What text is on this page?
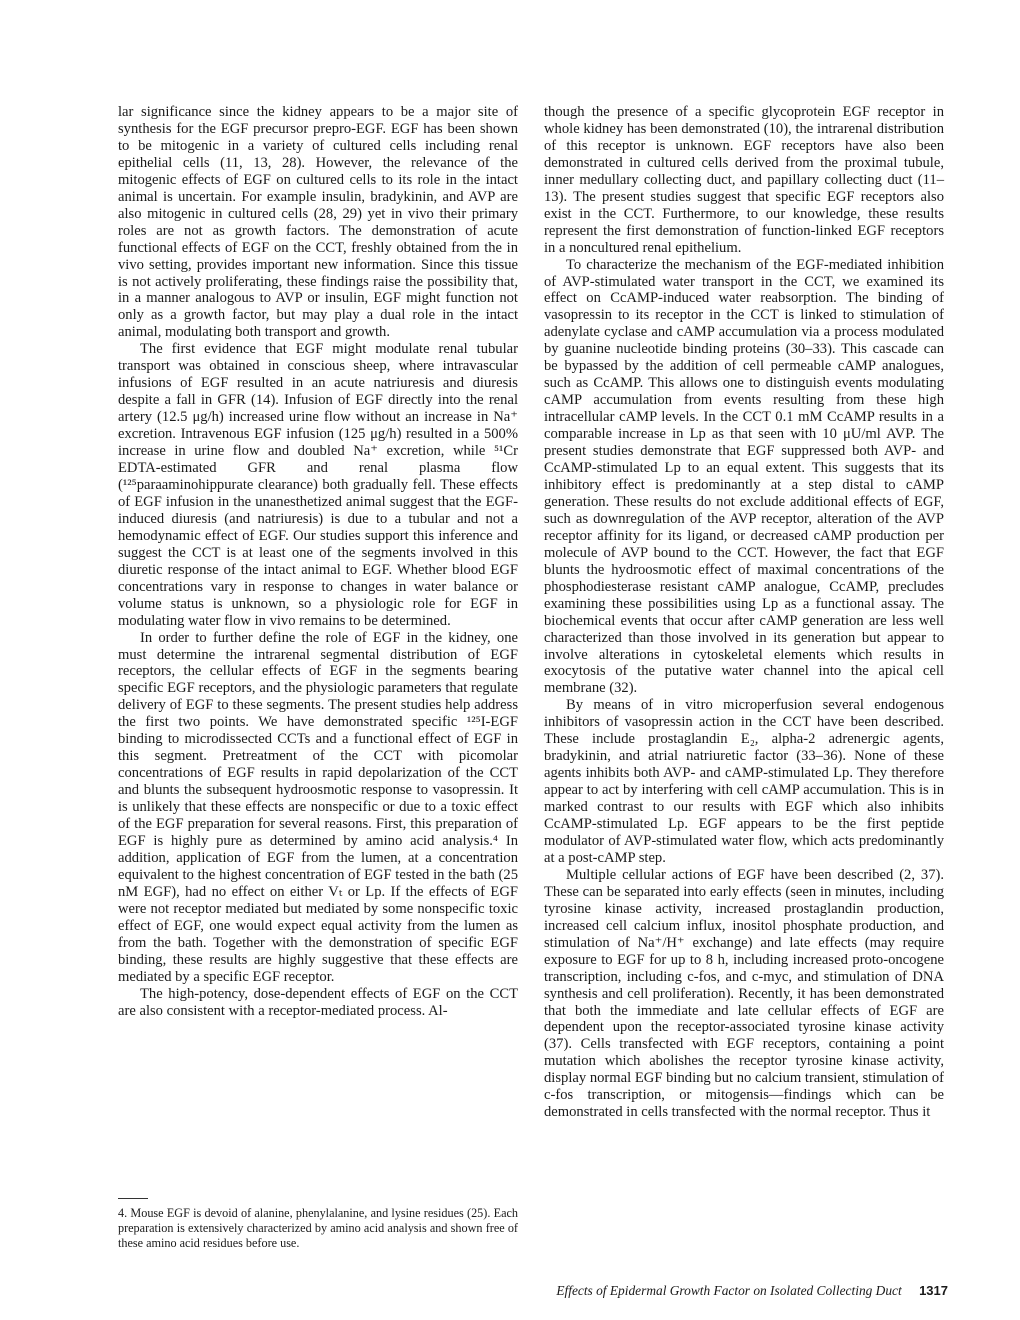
lar significance since the kidney appears to be a major site of synthesis for the EGF precursor prepro-EGF. EGF has been shown to be mitogenic in a variety of cultured cells including renal epithelial cells (11, 13, 28). However, the relevance of the mitogenic effects of EGF on cultured cells to its role in the intact animal is uncertain. For example insulin, bradykinin, and AVP are also mitogenic in cultured cells (28, 29) yet in vivo their primary roles are not as growth factors. The demonstration of acute functional effects of EGF on the CCT, freshly obtained from the in vivo setting, provides important new information. Since this tissue is not actively proliferating, these findings raise the possibility that, in a manner analogous to AVP or insulin, EGF might function not only as a growth factor, but may play a dual role in the intact animal, modulating both transport and growth.

The first evidence that EGF might modulate renal tubular transport was obtained in conscious sheep, where intravascular infusions of EGF resulted in an acute natriuresis and diuresis despite a fall in GFR (14). Infusion of EGF directly into the renal artery (12.5 μg/h) increased urine flow without an increase in Na⁺ excretion. Intravenous EGF infusion (125 μg/h) resulted in a 500% increase in urine flow and doubled Na⁺ excretion, while ⁵¹Cr EDTA-estimated GFR and renal plasma flow (¹²⁵paraaminohippurate clearance) both gradually fell. These effects of EGF infusion in the unanesthetized animal suggest that the EGF-induced diuresis (and natriuresis) is due to a tubular and not a hemodynamic effect of EGF. Our studies support this inference and suggest the CCT is at least one of the segments involved in this diuretic response of the intact animal to EGF. Whether blood EGF concentrations vary in response to changes in water balance or volume status is unknown, so a physiologic role for EGF in modulating water flow in vivo remains to be determined.

In order to further define the role of EGF in the kidney, one must determine the intrarenal segmental distribution of EGF receptors, the cellular effects of EGF in the segments bearing specific EGF receptors, and the physiologic parameters that regulate delivery of EGF to these segments. The present studies help address the first two points. We have demonstrated specific ¹²⁵I-EGF binding to microdissected CCTs and a functional effect of EGF in this segment. Pretreatment of the CCT with picomolar concentrations of EGF results in rapid depolarization of the CCT and blunts the subsequent hydroosmotic response to vasopressin. It is unlikely that these effects are nonspecific or due to a toxic effect of the EGF preparation for several reasons. First, this preparation of EGF is highly pure as determined by amino acid analysis.⁴ In addition, application of EGF from the lumen, at a concentration equivalent to the highest concentration of EGF tested in the bath (25 nM EGF), had no effect on either Vₜ or Lp. If the effects of EGF were not receptor mediated but mediated by some nonspecific toxic effect of EGF, one would expect equal activity from the lumen as from the bath. Together with the demonstration of specific EGF binding, these results are highly suggestive that these effects are mediated by a specific EGF receptor.

The high-potency, dose-dependent effects of EGF on the CCT are also consistent with a receptor-mediated process. Al-

4. Mouse EGF is devoid of alanine, phenylalanine, and lysine residues (25). Each preparation is extensively characterized by amino acid analysis and shown free of these amino acid residues before use.

though the presence of a specific glycoprotein EGF receptor in whole kidney has been demonstrated (10), the intrarenal distribution of this receptor is unknown. EGF receptors have also been demonstrated in cultured cells derived from the proximal tubule, inner medullary collecting duct, and papillary collecting duct (11–13). The present studies suggest that specific EGF receptors also exist in the CCT. Furthermore, to our knowledge, these results represent the first demonstration of function-linked EGF receptors in a noncultured renal epithelium.

To characterize the mechanism of the EGF-mediated inhibition of AVP-stimulated water transport in the CCT, we examined its effect on CcAMP-induced water reabsorption. The binding of vasopressin to its receptor in the CCT is linked to stimulation of adenylate cyclase and cAMP accumulation via a process modulated by guanine nucleotide binding proteins (30–33). This cascade can be bypassed by the addition of cell permeable cAMP analogues, such as CcAMP. This allows one to distinguish events modulating cAMP accumulation from events resulting from these high intracellular cAMP levels. In the CCT 0.1 mM CcAMP results in a comparable increase in Lp as that seen with 10 μU/ml AVP. The present studies demonstrate that EGF suppressed both AVP- and CcAMP-stimulated Lp to an equal extent. This suggests that its inhibitory effect is predominantly at a step distal to cAMP generation. These results do not exclude additional effects of EGF, such as downregulation of the AVP receptor, alteration of the AVP receptor affinity for its ligand, or decreased cAMP production per molecule of AVP bound to the CCT. However, the fact that EGF blunts the hydroosmotic effect of maximal concentrations of the phosphodiesterase resistant cAMP analogue, CcAMP, precludes examining these possibilities using Lp as a functional assay. The biochemical events that occur after cAMP generation are less well characterized than those involved in its generation but appear to involve alterations in cytoskeletal elements which results in exocytosis of the putative water channel into the apical cell membrane (32).

By means of in vitro microperfusion several endogenous inhibitors of vasopressin action in the CCT have been described. These include prostaglandin E₂, alpha-2 adrenergic agents, bradykinin, and atrial natriuretic factor (33–36). None of these agents inhibits both AVP- and cAMP-stimulated Lp. They therefore appear to act by interfering with cell cAMP accumulation. This is in marked contrast to our results with EGF which also inhibits CcAMP-stimulated Lp. EGF appears to be the first peptide modulator of AVP-stimulated water flow, which acts predominantly at a post-cAMP step.

Multiple cellular actions of EGF have been described (2, 37). These can be separated into early effects (seen in minutes, including tyrosine kinase activity, increased prostaglandin production, increased cell calcium influx, inositol phosphate production, and stimulation of Na⁺/H⁺ exchange) and late effects (may require exposure to EGF for up to 8 h, including increased proto-oncogene transcription, including c-fos, and c-myc, and stimulation of DNA synthesis and cell proliferation). Recently, it has been demonstrated that both the immediate and late cellular effects of EGF are dependent upon the receptor-associated tyrosine kinase activity (37). Cells transfected with EGF receptors, containing a point mutation which abolishes the receptor tyrosine kinase activity, display normal EGF binding but no calcium transient, stimulation of c-fos transcription, or mitogensis—findings which can be demonstrated in cells transfected with the normal receptor. Thus it

Effects of Epidermal Growth Factor on Isolated Collecting Duct 1317
